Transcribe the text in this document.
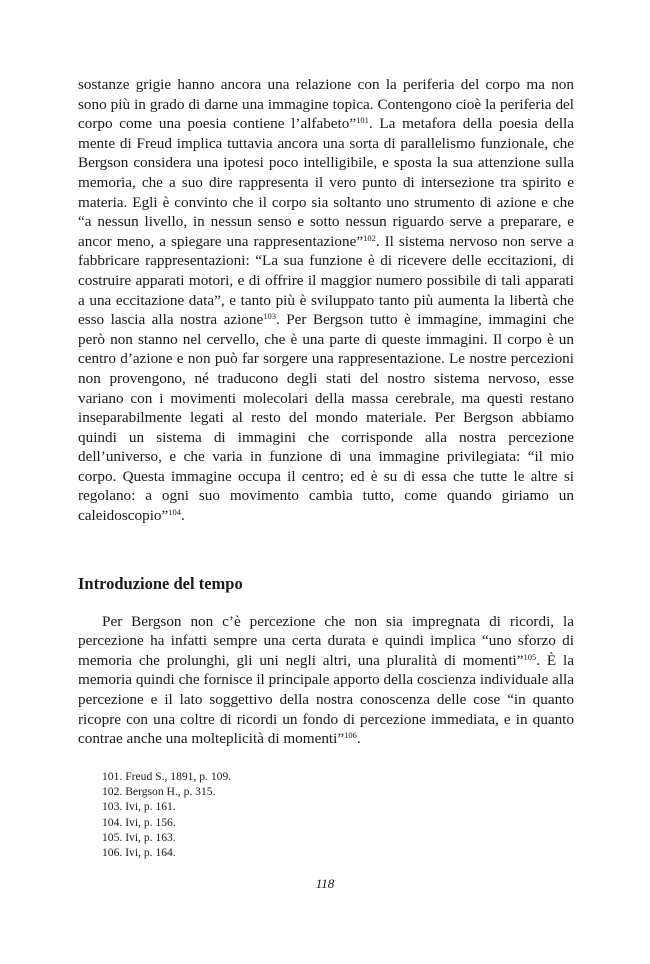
sostanze grigie hanno ancora una relazione con la periferia del corpo ma non sono più in grado di darne una immagine topica. Contengono cioè la periferia del corpo come una poesia contiene l’alfabeto”$^{101}$. La metafora della poesia della mente di Freud implica tuttavia ancora una sorta di parallelismo funzionale, che Bergson considera una ipotesi poco intelligibile, e sposta la sua attenzione sulla memoria, che a suo dire rappresenta il vero punto di intersezione tra spirito e materia. Egli è convinto che il corpo sia soltanto uno strumento di azione e che “a nessun livello, in nessun senso e sotto nessun riguardo serve a preparare, e ancor meno, a spiegare una rappresentazione”$^{102}$. Il sistema nervoso non serve a fabbricare rappresentazioni: “La sua funzione è di ricevere delle eccitazioni, di costruire apparati motori, e di offrire il maggior numero possibile di tali apparati a una eccitazione data”, e tanto più è sviluppato tanto più aumenta la libertà che esso lascia alla nostra azione$^{103}$. Per Bergson tutto è immagine, immagini che però non stanno nel cervello, che è una parte di queste immagini. Il corpo è un centro d’azione e non può far sorgere una rappresentazione. Le nostre percezioni non provengono, né traducono degli stati del nostro sistema nervoso, esse variano con i movimenti molecolari della massa cerebrale, ma questi restano inseparabilmente legati al resto del mondo materiale. Per Bergson abbiamo quindi un sistema di immagini che corrisponde alla nostra percezione dell’universo, e che varia in funzione di una immagine privilegiata: “il mio corpo. Questa immagine occupa il centro; ed è su di essa che tutte le altre si regolano: a ogni suo movimento cambia tutto, come quando giriamo un caleidoscopio”$^{104}$.

Introduzione del tempo

Per Bergson non c’è percezione che non sia impregnata di ricordi, la percezione ha infatti sempre una certa durata e quindi implica “uno sforzo di memoria che prolunghi, gli uni negli altri, una pluralità di momenti”$^{105}$. È la memoria quindi che fornisce il principale apporto della coscienza individuale alla percezione e il lato soggettivo della nostra conoscenza delle cose “in quanto ricopre con una coltre di ricordi un fondo di percezione immediata, e in quanto contrae anche una molteplicità di momenti”$^{106}$.

101. Freud S., 1891, p. 109.
102. Bergson H., p. 315.
103. Ivi, p. 161.
104. Ivi, p. 156.
105. Ivi, p. 163.
106. Ivi, p. 164.
118
